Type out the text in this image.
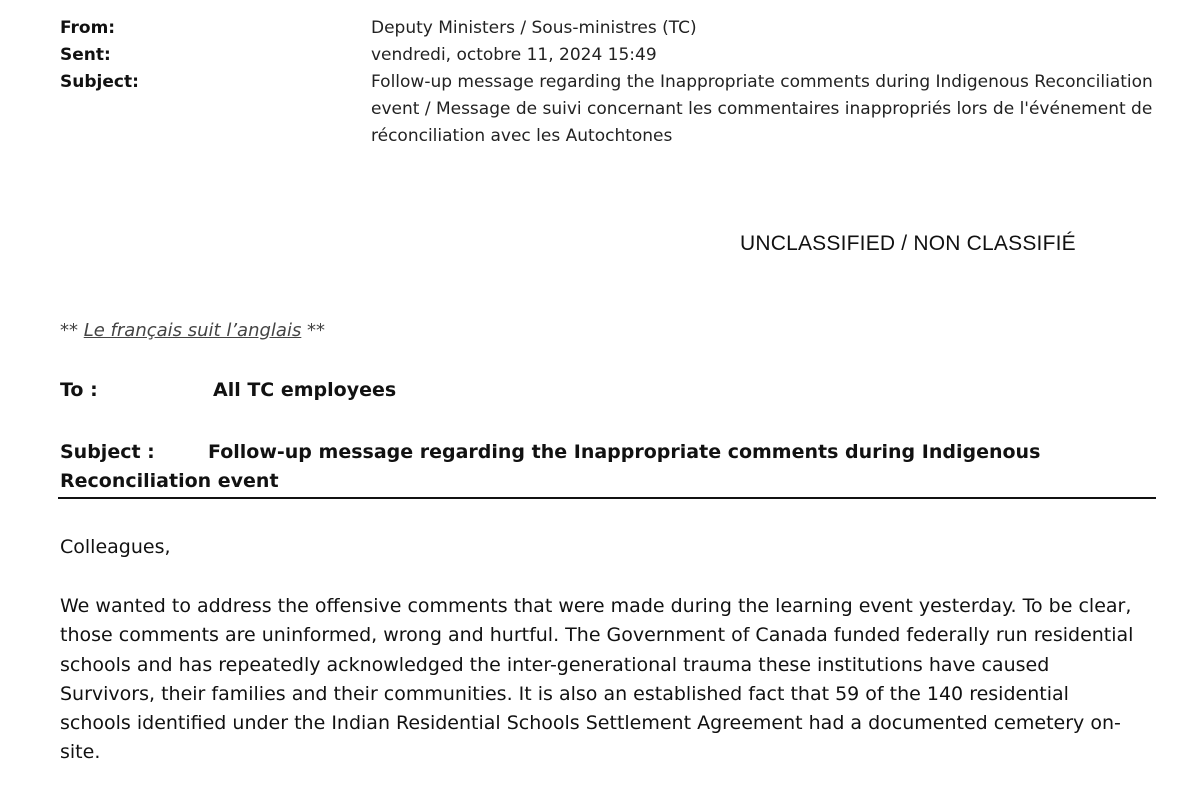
From:	Deputy Ministers / Sous-ministres (TC)
Sent:	vendredi, octobre 11, 2024 15:49
Subject:	Follow-up message regarding the Inappropriate comments during Indigenous Reconciliation event / Message de suivi concernant les commentaires inappropriés lors de l'événement de réconciliation avec les Autochtones
UNCLASSIFIED / NON CLASSIFIÉ
** Le français suit l’anglais **
To :	All TC employees
Subject :	Follow-up message regarding the Inappropriate comments during Indigenous Reconciliation event
Colleagues,
We wanted to address the offensive comments that were made during the learning event yesterday. To be clear, those comments are uninformed, wrong and hurtful. The Government of Canada funded federally run residential schools and has repeatedly acknowledged the inter-generational trauma these institutions have caused Survivors, their families and their communities. It is also an established fact that 59 of the 140 residential schools identified under the Indian Residential Schools Settlement Agreement had a documented cemetery on-site.
